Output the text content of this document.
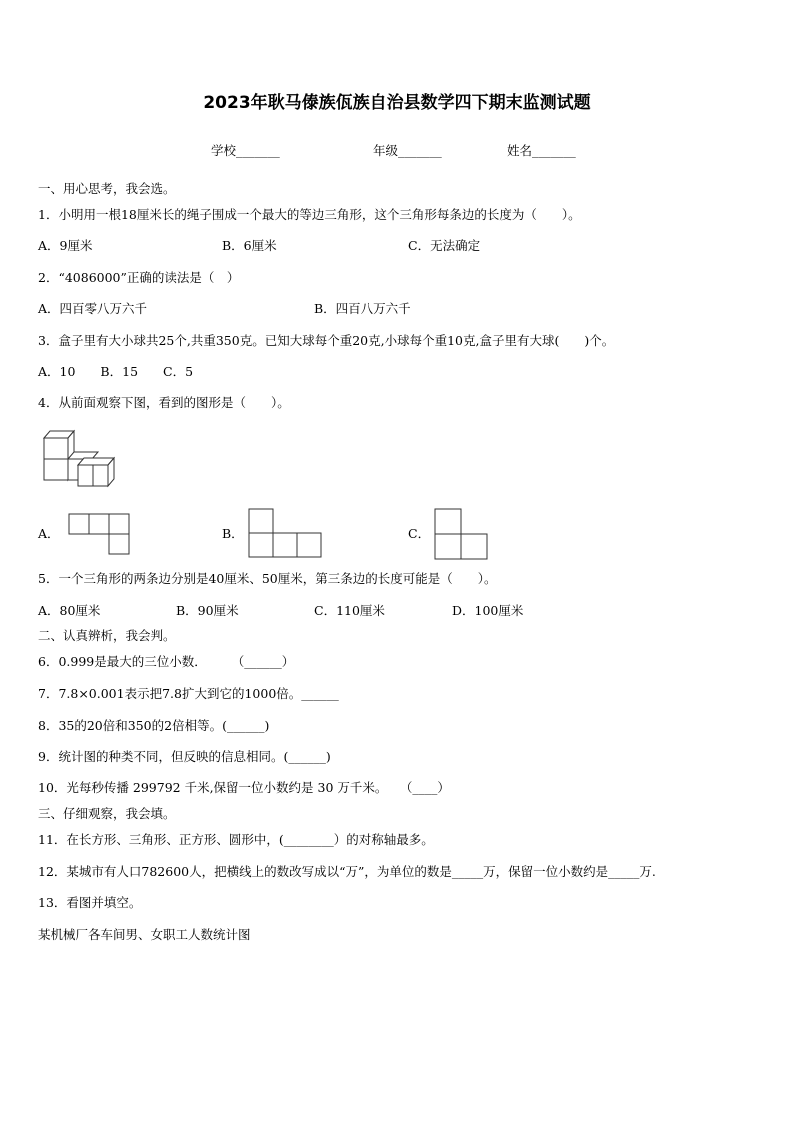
2023年耿马傣族佤族自治县数学四下期末监测试题
学校_______	年级_______	姓名_______
一、用心思考，我会选。
1．小明用一根18厘米长的绳子围成一个最大的等边三角形，这个三角形每条边的长度为（　　）。
A．9厘米	B．6厘米	C．无法确定
2．“4086000”正确的读法是（　）
A．四百零八万六千	B．四百八万六千
3．盒子里有大小球共25个,共重350克。已知大球每个重20克,小球每个重10克,盒子里有大球(　　)个。
A．10　　B．15　　C．5
4．从前面观察下图，看到的图形是（　　）。
A．	B．	C．
5．一个三角形的两条边分别是40厘米、50厘米，第三条边的长度可能是（　　）。
A．80厘米	B．90厘米	C．110厘米	D．100厘米
二、认真辨析，我会判。
6．0.999是最大的三位小数．　　　（______）
7．7.8×0.001表示把7.8扩大到它的1000倍。______
8．35的20倍和350的2倍相等。(______)
9．统计图的种类不同，但反映的信息相同。(______)
10．光每秒传播 299792 千米,保留一位小数约是 30 万千米。　　（____）
三、仔细观察，我会填。
11．在长方形、三角形、正方形、圆形中，(________）的对称轴最多。
12．某城市有人口782600人，把横线上的数改写成以“万”，为单位的数是_____万，保留一位小数约是_____万.
13．看图并填空。
某机械厂各车间男、女职工人数统计图
